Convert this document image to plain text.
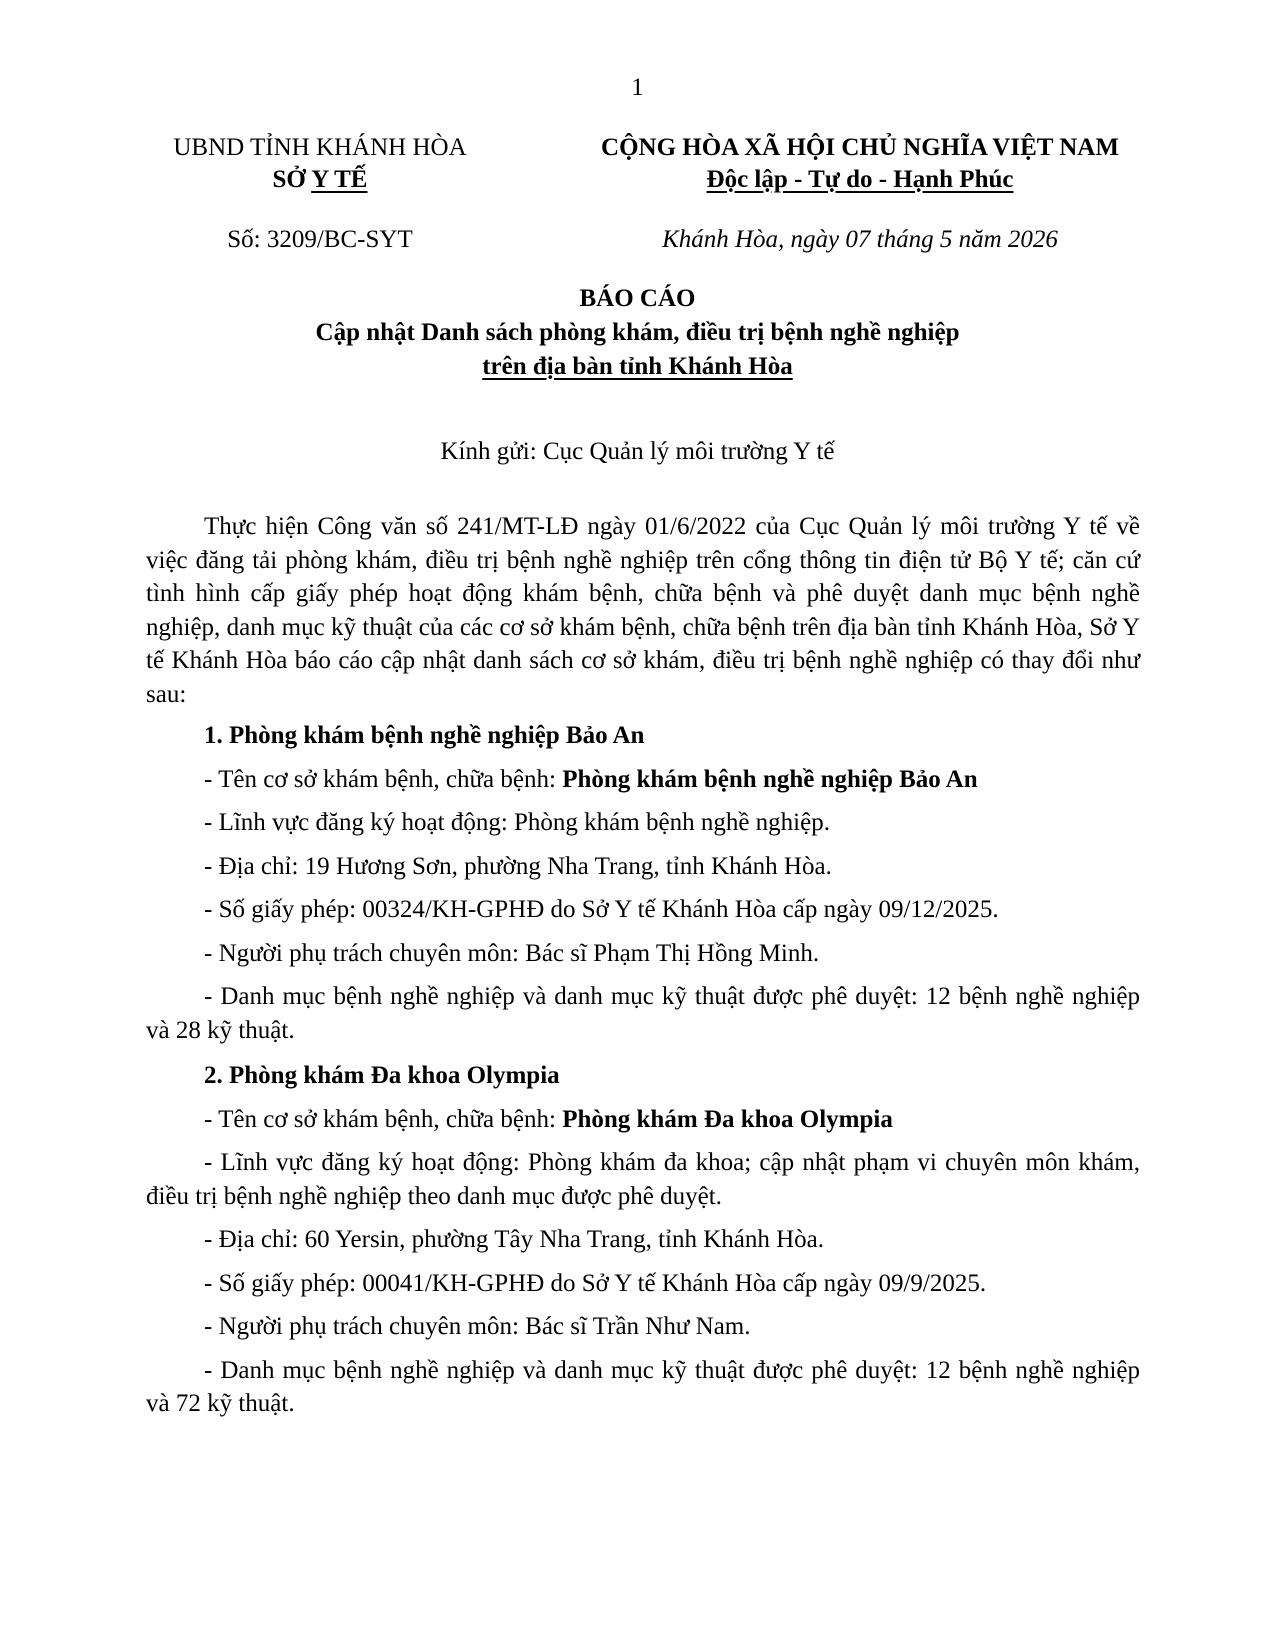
1
UBND TỈNH KHÁNH HÒA
SỞ Y TẾ
CỘNG HÒA XÃ HỘI CHỦ NGHĨA VIỆT NAM
Độc lập - Tự do - Hạnh Phúc
Số: 3209/BC-SYT	Khánh Hòa, ngày 07 tháng 5 năm 2026
BÁO CÁO
Cập nhật Danh sách phòng khám, điều trị bệnh nghề nghiệp
trên địa bàn tỉnh Khánh Hòa
Kính gửi: Cục Quản lý môi trường Y tế

Thực hiện Công văn số 241/MT-LĐ ngày 01/6/2022 của Cục Quản lý môi trường Y tế về việc đăng tải phòng khám, điều trị bệnh nghề nghiệp trên cổng thông tin điện tử Bộ Y tế; căn cứ tình hình cấp giấy phép hoạt động khám bệnh, chữa bệnh và phê duyệt danh mục bệnh nghề nghiệp, danh mục kỹ thuật của các cơ sở khám bệnh, chữa bệnh trên địa bàn tỉnh Khánh Hòa, Sở Y tế Khánh Hòa báo cáo cập nhật danh sách cơ sở khám, điều trị bệnh nghề nghiệp có thay đổi như sau:

1. Phòng khám bệnh nghề nghiệp Bảo An

- Tên cơ sở khám bệnh, chữa bệnh: Phòng khám bệnh nghề nghiệp Bảo An

- Lĩnh vực đăng ký hoạt động: Phòng khám bệnh nghề nghiệp.

- Địa chỉ: 19 Hương Sơn, phường Nha Trang, tỉnh Khánh Hòa.

- Số giấy phép: 00324/KH-GPHĐ do Sở Y tế Khánh Hòa cấp ngày 09/12/2025.

- Người phụ trách chuyên môn: Bác sĩ Phạm Thị Hồng Minh.

- Danh mục bệnh nghề nghiệp và danh mục kỹ thuật được phê duyệt: 12 bệnh nghề nghiệp và 28 kỹ thuật.

2. Phòng khám Đa khoa Olympia

- Tên cơ sở khám bệnh, chữa bệnh: Phòng khám Đa khoa Olympia

- Lĩnh vực đăng ký hoạt động: Phòng khám đa khoa; cập nhật phạm vi chuyên môn khám, điều trị bệnh nghề nghiệp theo danh mục được phê duyệt.

- Địa chỉ: 60 Yersin, phường Tây Nha Trang, tỉnh Khánh Hòa.

- Số giấy phép: 00041/KH-GPHĐ do Sở Y tế Khánh Hòa cấp ngày 09/9/2025.

- Người phụ trách chuyên môn: Bác sĩ Trần Như Nam.

- Danh mục bệnh nghề nghiệp và danh mục kỹ thuật được phê duyệt: 12 bệnh nghề nghiệp và 72 kỹ thuật.
